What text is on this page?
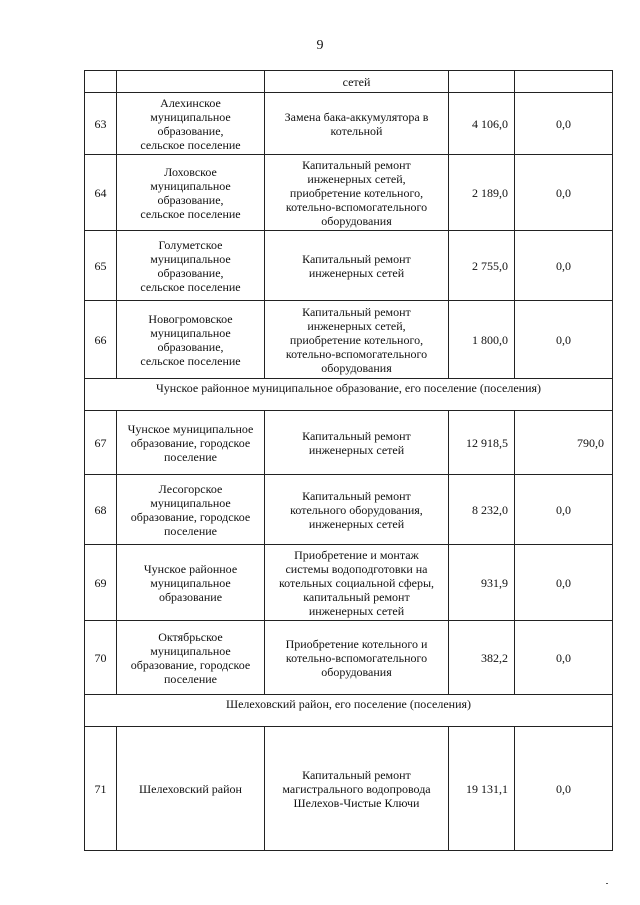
9
		сетей		
63	Алехинское
муниципальное
образование,
сельское поселение	Замена бака-аккумулятора в
котельной	4 106,0	0,0
64	Лоховское
муниципальное
образование,
сельское поселение	Капитальный ремонт
инженерных сетей,
приобретение котельного,
котельно-вспомогательного
оборудования	2 189,0	0,0
65	Голуметское
муниципальное
образование,
сельское поселение	Капитальный ремонт
инженерных сетей	2 755,0	0,0
66	Новогромовское
муниципальное
образование,
сельское поселение	Капитальный ремонт
инженерных сетей,
приобретение котельного,
котельно-вспомогательного
оборудования	1 800,0	0,0
Чунское районное муниципальное образование, его поселение (поселения)				
67	Чунское муниципальное
образование, городское
поселение	Капитальный ремонт
инженерных сетей	12 918,5	790,0
68	Лесогорское
муниципальное
образование, городское
поселение	Капитальный ремонт
котельного оборудования,
инженерных сетей	8 232,0	0,0
69	Чунское районное
муниципальное
образование	Приобретение и монтаж
системы водоподготовки на
котельных социальной сферы,
капитальный ремонт
инженерных сетей	931,9	0,0
70	Октябрьское
муниципальное
образование, городское
поселение	Приобретение котельного и
котельно-вспомогательного
оборудования	382,2	0,0
Шелеховский район, его поселение (поселения)				
71	Шелеховский район	Капитальный ремонт
магистрального водопровода
Шелехов-Чистые Ключи	19 131,1	0,0
